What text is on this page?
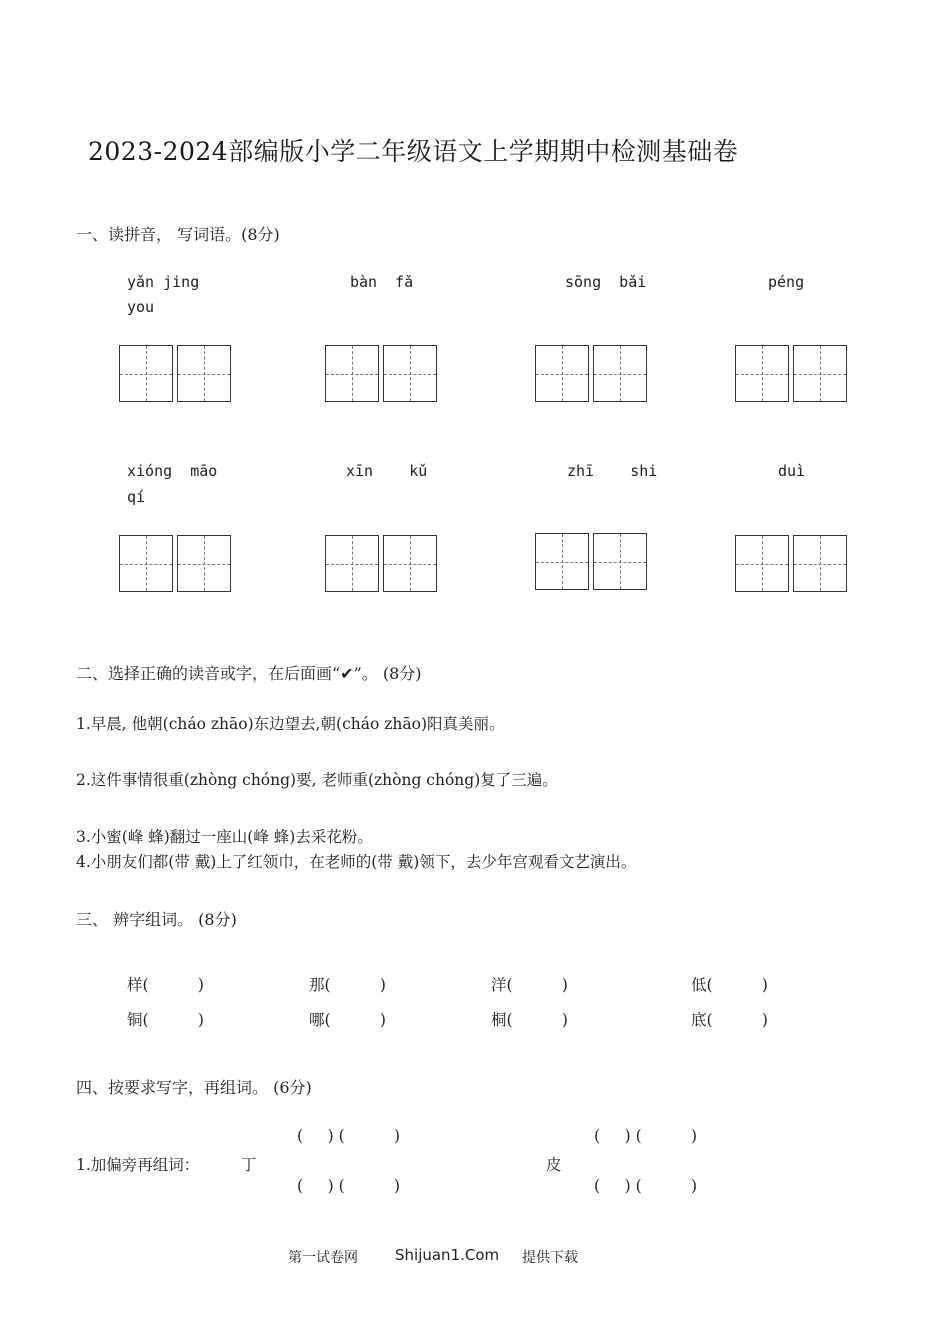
2023-2024部编版小学二年级语文上学期期中检测基础卷
一、读拼音， 写词语。(8分)
yǎn jing	bàn  fǎ	sōng  bǎi	péng
you
xióng  māo	xīn    kǔ	zhī    shi	duì
qí
二、选择正确的读音或字，在后面画“✔”。 (8分)
1.早晨, 他朝(cháo zhāo)东边望去,朝(cháo zhāo)阳真美丽。
2.这件事情很重(zhòng chóng)要, 老师重(zhòng chóng)复了三遍。
3.小蜜(峰 蜂)翻过一座山(峰 蜂)去采花粉。
4.小朋友们都(带 戴)上了红领巾，在老师的(带 戴)领下，去少年宫观看文艺演出。
三、 辨字组词。 (8分)
样(          )	那(          )	洋(          )	低(          )
铜(          )	哪(          )	桐(          )	底(          )
四、按要求写字，再组词。 (6分)
(     ) (          )	(     ) (          )
1.加偏旁再组词：	丁	皮
(     ) (          )	(     ) (          )
第一试卷网 Shijuan1.Com 提供下载
